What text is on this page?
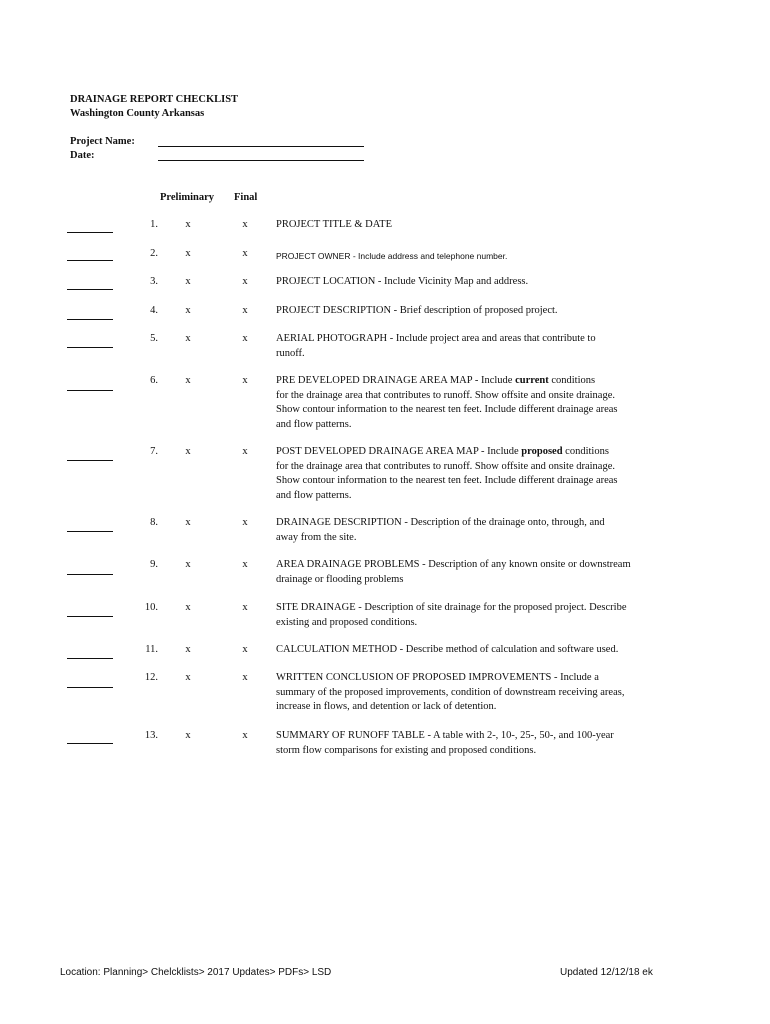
DRAINAGE REPORT CHECKLIST
Washington County Arkansas
Project Name:
Date:
Preliminary Final
1.	x	x	PROJECT TITLE & DATE
2.	x	x	PROJECT OWNER - Include address and telephone number.
3.	x	x	PROJECT LOCATION - Include Vicinity Map and address.
4.	x	x	PROJECT DESCRIPTION - Brief description of proposed project.
5.	x	x	AERIAL PHOTOGRAPH - Include project area and areas that contribute to runoff.
6.	x	x	PRE DEVELOPED DRAINAGE AREA MAP - Include current conditions
for the drainage area that contributes to runoff. Show offsite and onsite drainage. Show contour information to the nearest ten feet. Include different drainage areas and flow patterns.
7.	x	x	POST DEVELOPED DRAINAGE AREA MAP - Include proposed conditions
for the drainage area that contributes to runoff. Show offsite and onsite drainage. Show contour information to the nearest ten feet. Include different drainage areas and flow patterns.
8.	x	x	DRAINAGE DESCRIPTION - Description of the drainage onto, through, and away from the site.
9.	x	x	AREA DRAINAGE PROBLEMS - Description of any known onsite or downstream drainage or flooding problems
10.	x	x	SITE DRAINAGE - Description of site drainage for the proposed project. Describe existing and proposed conditions.
11.	x	x	CALCULATION METHOD - Describe method of calculation and software used.
12.	x	x	WRITTEN CONCLUSION OF PROPOSED IMPROVEMENTS - Include a summary of the proposed improvements, condition of downstream receiving areas, increase in flows, and detention or lack of detention.
13.	x	x	SUMMARY OF RUNOFF TABLE - A table with 2-, 10-, 25-, 50-, and 100-year storm flow comparisons for existing and proposed conditions.
Location: Planning> Chelcklists> 2017 Updates> PDFs> LSD	Updated 12/12/18 ek
